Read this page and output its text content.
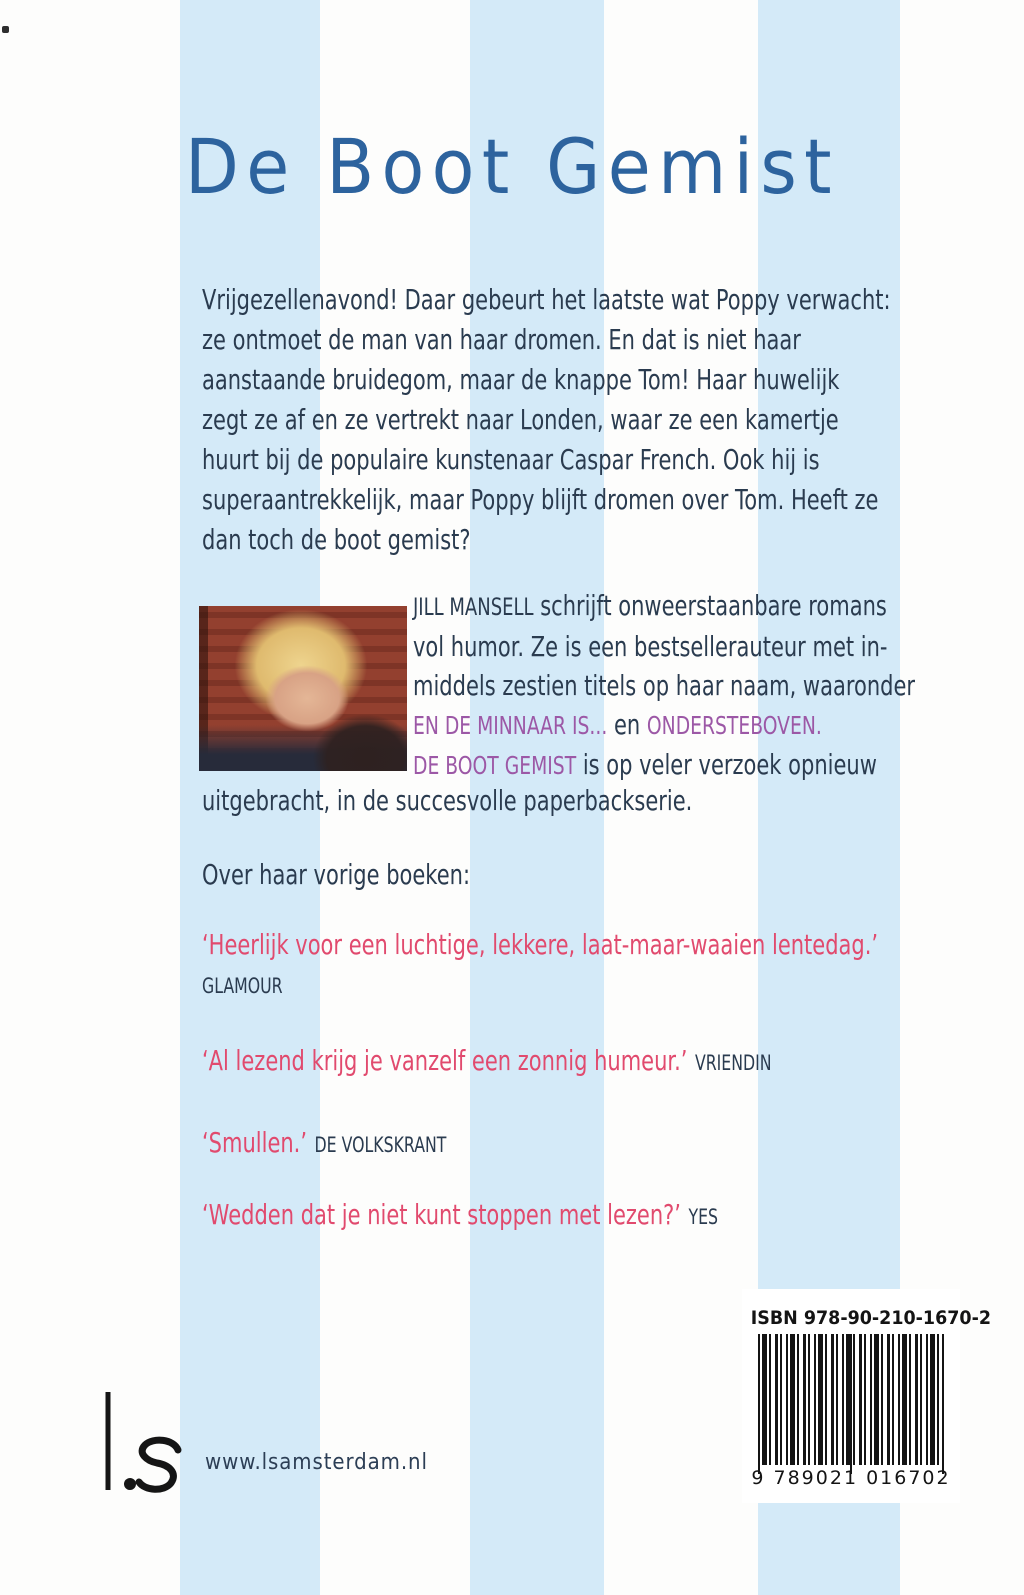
De Boot Gemist
Vrijgezellenavond! Daar gebeurt het laatste wat Poppy verwacht:
ze ontmoet de man van haar dromen. En dat is niet haar
aanstaande bruidegom, maar de knappe Tom! Haar huwelijk
zegt ze af en ze vertrekt naar Londen, waar ze een kamertje
huurt bij de populaire kunstenaar Caspar French. Ook hij is
superaantrekkelijk, maar Poppy blijft dromen over Tom. Heeft ze
dan toch de boot gemist?
JILL MANSELL schrijft onweerstaanbare romans
vol humor. Ze is een bestsellerauteur met in-
middels zestien titels op haar naam, waaronder
EN DE MINNAAR IS... en ONDERSTEBOVEN.
DE BOOT GEMIST is op veler verzoek opnieuw
uitgebracht, in de succesvolle paperbackserie.
Over haar vorige boeken:
‘Heerlijk voor een luchtige, lekkere, laat-maar-waaien lentedag.’
GLAMOUR
‘Al lezend krijg je vanzelf een zonnig humeur.’ VRIENDIN
‘Smullen.’ DE VOLKSKRANT
‘Wedden dat je niet kunt stoppen met lezen?’ YES
ISBN 978-90-210-1670-2
9 789021 016702
www.lsamsterdam.nl
